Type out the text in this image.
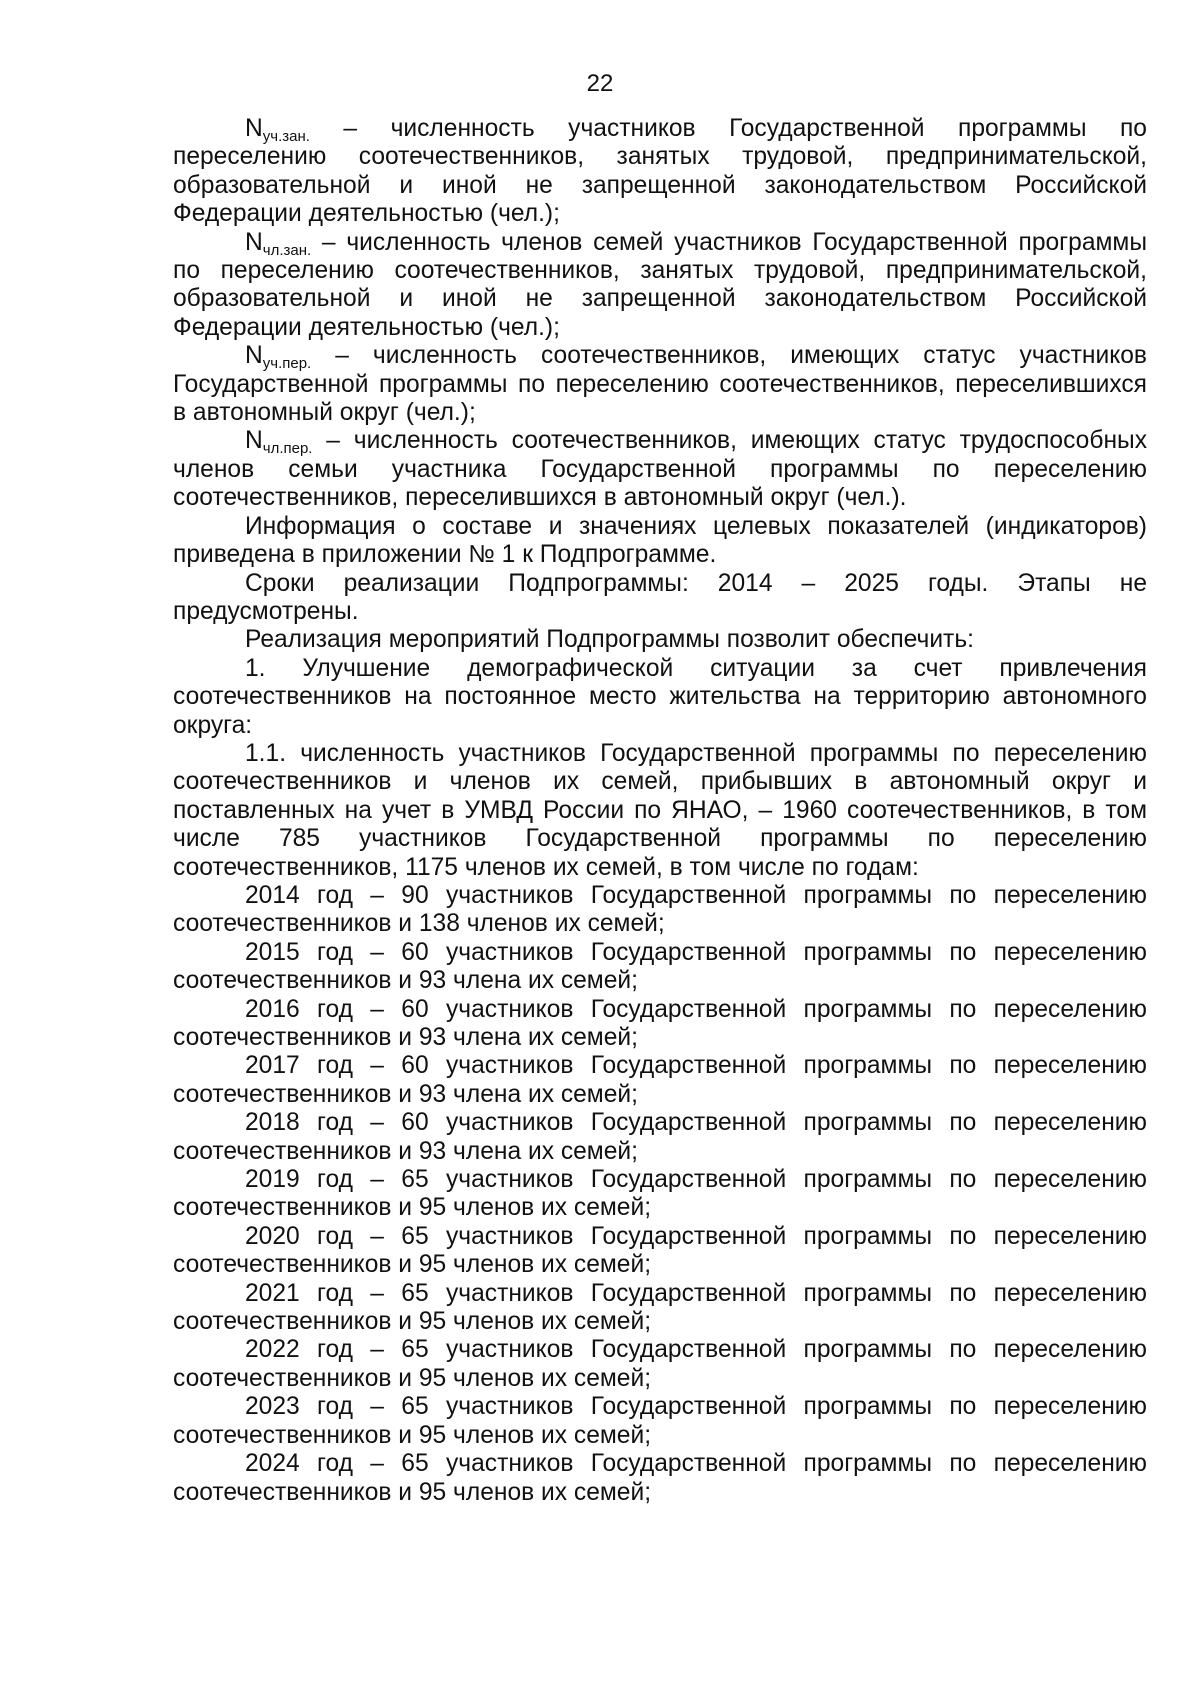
22

$N_{уч.зан.}$ – численность участников Государственной программы по переселению соотечественников, занятых трудовой, предпринимательской, образовательной и иной не запрещенной законодательством Российской Федерации деятельностью (чел.);

$N_{чл.зан.}$ – численность членов семей участников Государственной программы по переселению соотечественников, занятых трудовой, предпринимательской, образовательной и иной не запрещенной законодательством Российской Федерации деятельностью (чел.);

$N_{уч.пер.}$ – численность соотечественников, имеющих статус участников Государственной программы по переселению соотечественников, переселившихся в автономный округ (чел.);

$N_{чл.пер.}$ – численность соотечественников, имеющих статус трудоспособных членов семьи участника Государственной программы по переселению соотечественников, переселившихся в автономный округ (чел.).

Информация о составе и значениях целевых показателей (индикаторов) приведена в приложении № 1 к Подпрограмме.

Сроки реализации Подпрограммы: 2014 – 2025 годы. Этапы не предусмотрены.

Реализация мероприятий Подпрограммы позволит обеспечить:

1. Улучшение демографической ситуации за счет привлечения соотечественников на постоянное место жительства на территорию автономного округа:

1.1. численность участников Государственной программы по переселению соотечественников и членов их семей, прибывших в автономный округ и поставленных на учет в УМВД России по ЯНАО, – 1960 соотечественников, в том числе 785 участников Государственной программы по переселению соотечественников, 1175 членов их семей, в том числе по годам:

2014 год – 90 участников Государственной программы по переселению соотечественников и 138 членов их семей;

2015 год – 60 участников Государственной программы по переселению соотечественников и 93 члена их семей;

2016 год – 60 участников Государственной программы по переселению соотечественников и 93 члена их семей;

2017 год – 60 участников Государственной программы по переселению соотечественников и 93 члена их семей;

2018 год – 60 участников Государственной программы по переселению соотечественников и 93 члена их семей;

2019 год – 65 участников Государственной программы по переселению соотечественников и 95 членов их семей;

2020 год – 65 участников Государственной программы по переселению соотечественников и 95 членов их семей;

2021 год – 65 участников Государственной программы по переселению соотечественников и 95 членов их семей;

2022 год – 65 участников Государственной программы по переселению соотечественников и 95 членов их семей;

2023 год – 65 участников Государственной программы по переселению соотечественников и 95 членов их семей;

2024 год – 65 участников Государственной программы по переселению соотечественников и 95 членов их семей;
